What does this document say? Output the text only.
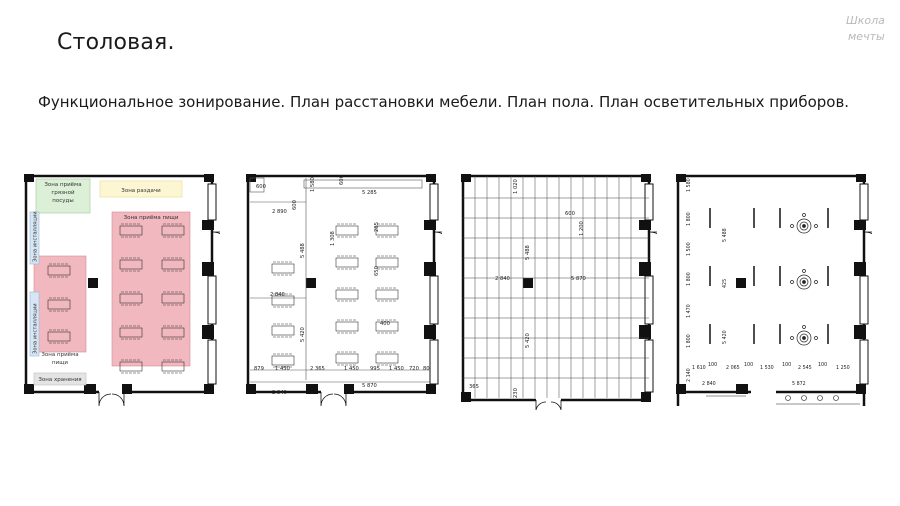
Столовая.
Функциональное зонирование. План расстановки мебели. План пола. План осветительных приборов.
Школа
мечты
Зона приёма
грязной
посуды
Зона раздачи
Зона приёма пищи
Зона приёма
пищи
Зона инсталляции
Зона инсталляции
Зона хранения
600	1 580	600
5 285
2 890
600
5 488
1 308
285
650
2 840
5 420
400
879 1 450	2 365	1 450 995 1 450 720 80
5 870
2 840
1 020
600
5 488
1 200
2 840	5 870
5 420
365
230
1 580
1 800
1 500
1 800
1 470
1 800
2 140
5 488
425
5 420
1 610
100
2 065
100
1 530
100
2 545
100
1 250
2 840	5 872
